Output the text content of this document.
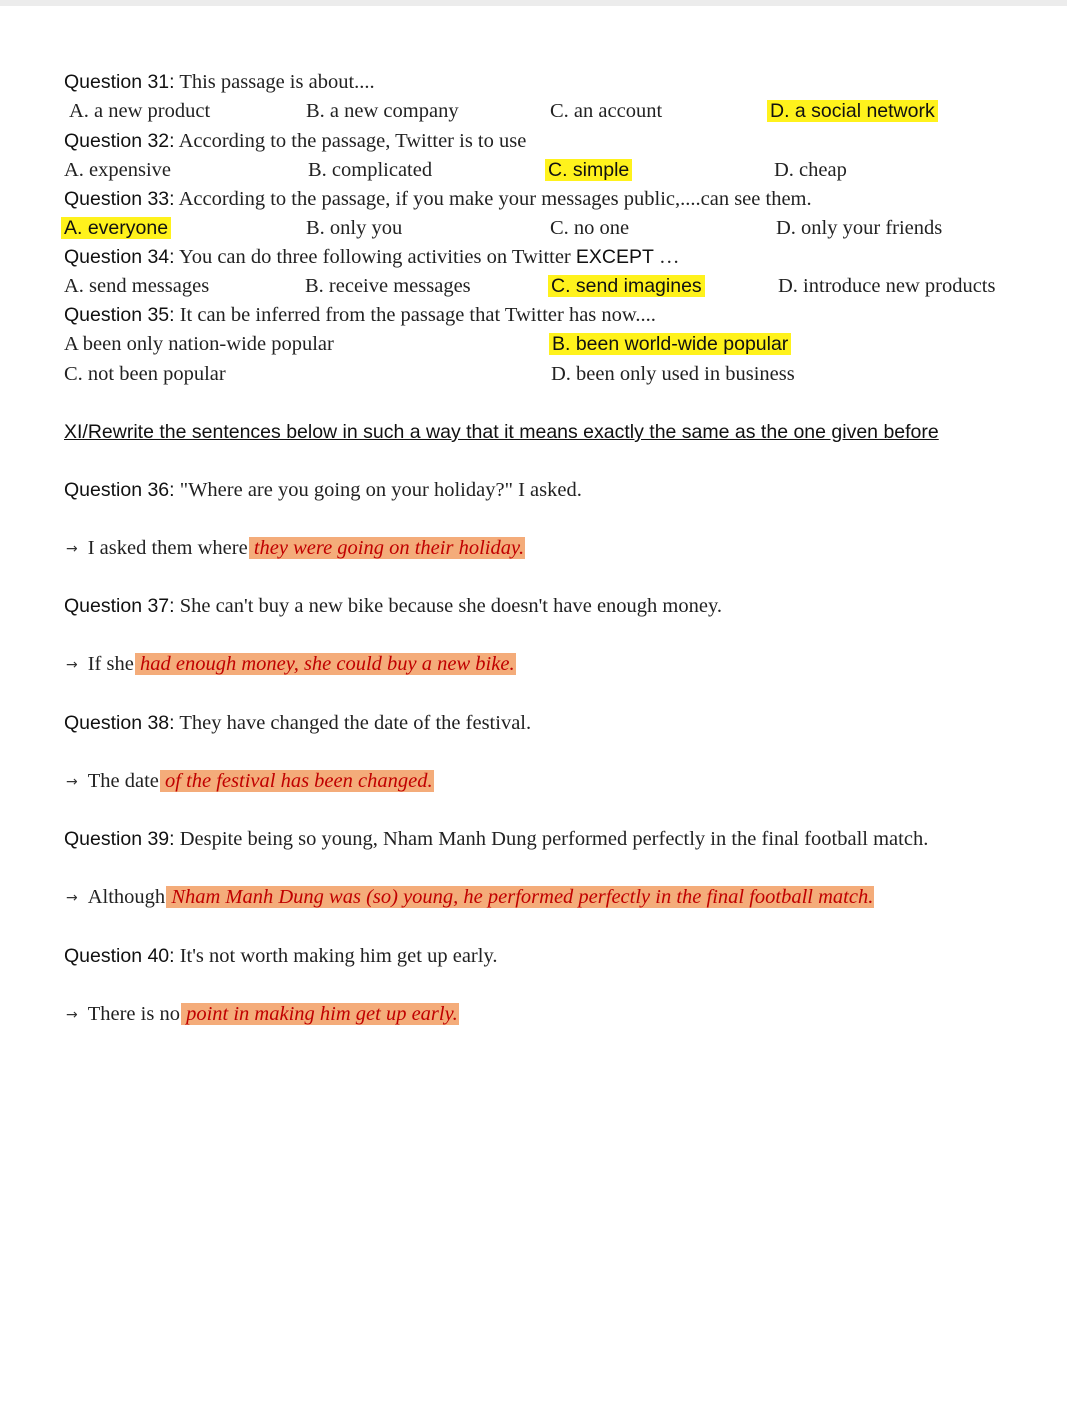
Question 31: This passage is about....
A. a new product	B. a new company	C. an account	D. a social network
Question 32: According to the passage, Twitter is to use
A. expensive	B. complicated	C. simple	D. cheap
Question 33: According to the passage, if you make your messages public,....can see them.
A. everyone	B. only you	C. no one	D. only your friends
Question 34: You can do three following activities on Twitter EXCEPT …
A. send messages	B. receive messages	C. send imagines	D. introduce new products
Question 35: It can be inferred from the passage that Twitter has now....
A been only nation-wide popular	B. been world-wide popular
C. not been popular	D. been only used in business
XI/Rewrite the sentences below in such a way that it means exactly the same as the one given before
Question 36: "Where are you going on your holiday?" I asked.
→ I asked them where they were going on their holiday.
Question 37: She can't buy a new bike because she doesn't have enough money.
→ If she had enough money, she could buy a new bike.
Question 38: They have changed the date of the festival.
→ The date of the festival has been changed.
Question 39: Despite being so young, Nham Manh Dung performed perfectly in the final football match.
→ Although Nham Manh Dung was (so) young, he performed perfectly in the final football match.
Question 40: It's not worth making him get up early.
→ There is no point in making him get up early.
